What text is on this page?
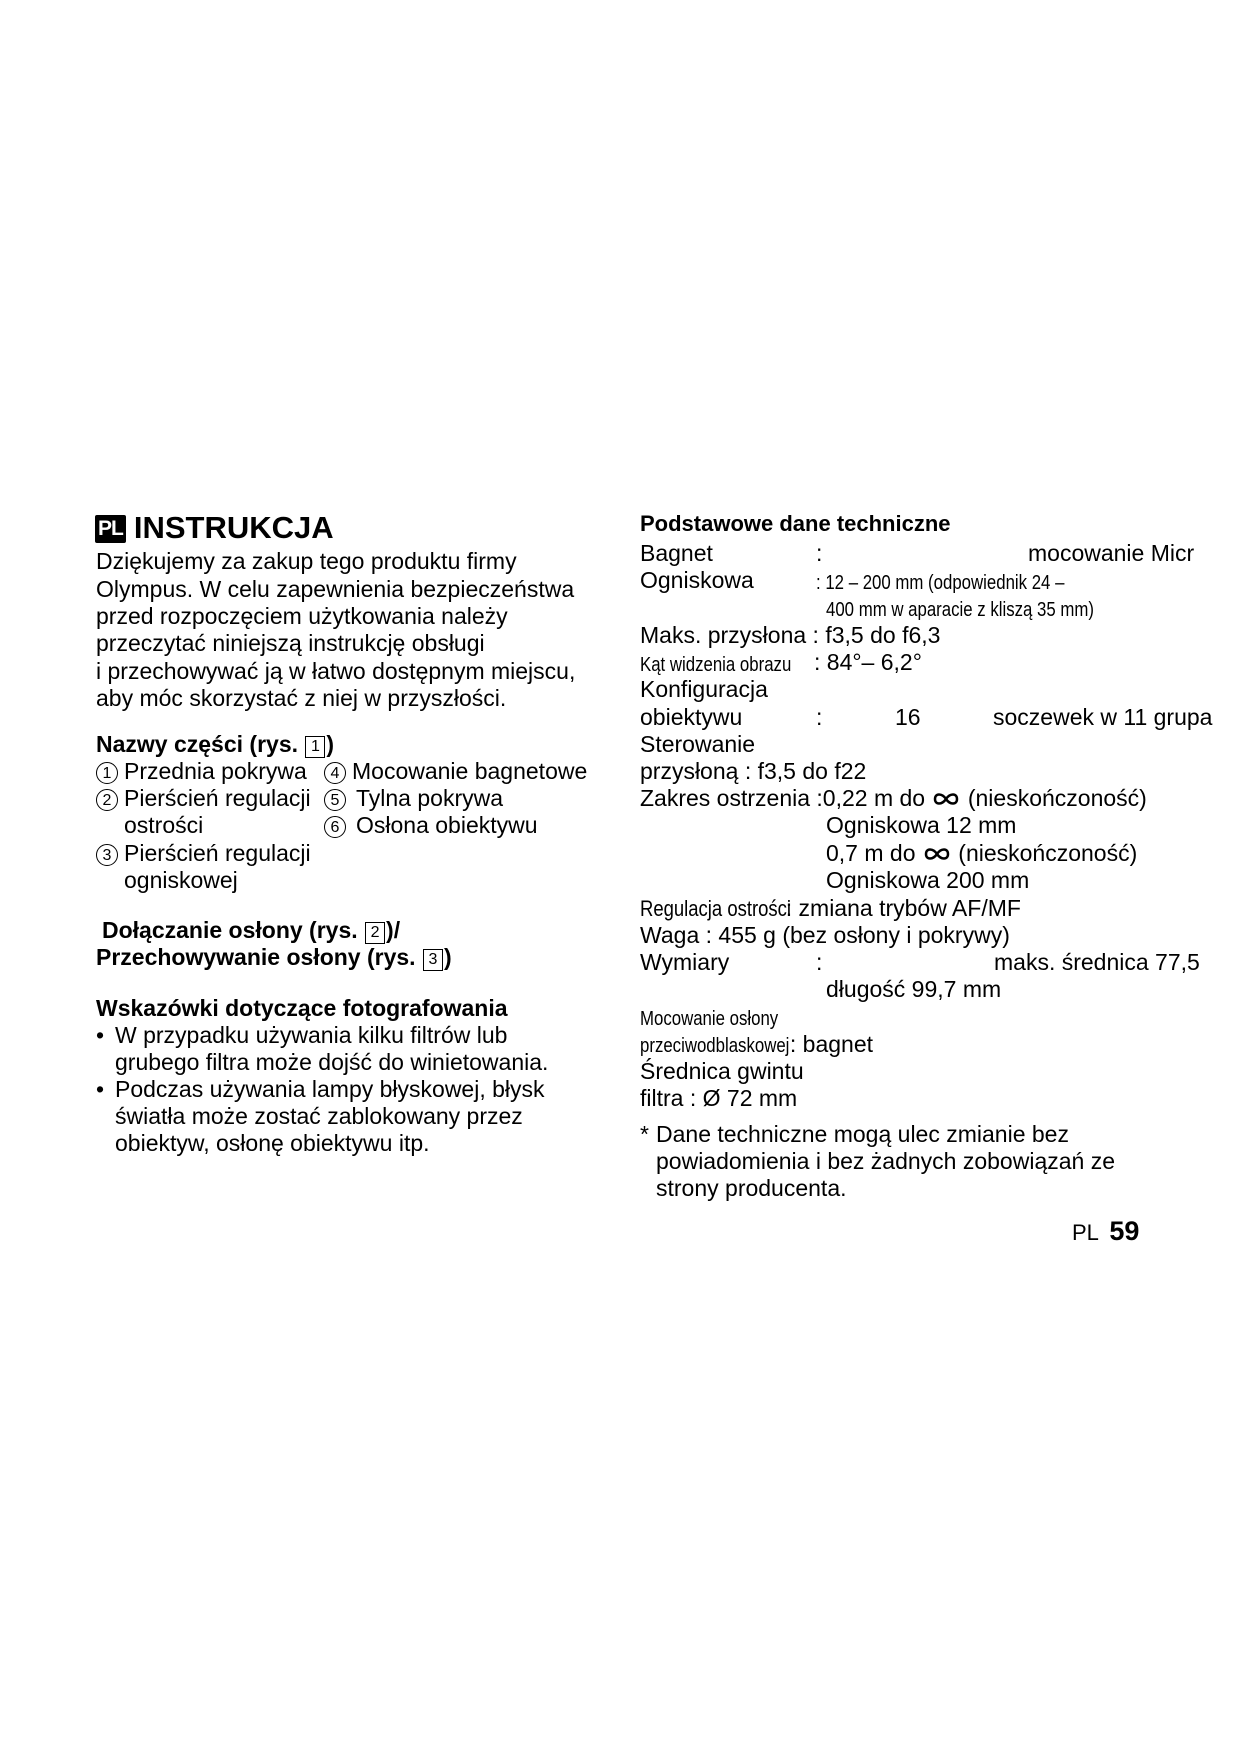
PL INSTRUKCJA
Dziękujemy za zakup tego produktu firmy
Olympus. W celu zapewnienia bezpieczeństwa
przed rozpoczęciem użytkowania należy
przeczytać niniejszą instrukcję obsługi
i przechowywać ją w łatwo dostępnym miejscu,
aby móc skorzystać z niej w przyszłości.
Nazwy części (rys. 1 )
1 Przednia pokrywa
2 Pierścień regulacji
ostrości
3 Pierścień regulacji
ogniskowej
4 Mocowanie bagnetowe
5 Tylna pokrywa
6 Osłona obiektywu
Dołączanie osłony (rys. 2 )/
Przechowywanie osłony (rys. 3 )
Wskazówki dotyczące fotografowania
• W przypadku używania kilku filtrów lub
grubego filtra może dojść do winietowania.
• Podczas używania lampy błyskowej, błysk
światła może zostać zablokowany przez
obiektyw, osłonę obiektywu itp.
Podstawowe dane techniczne
Bagnet	:	mocowanie Micr
Ogniskowa	: 12 – 200 mm (odpowiednik 24 –
400 mm w aparacie z kliszą 35 mm)
Maks. przysłona : f3,5 do f6,3
Kąt widzenia obrazu : 84°– 6,2°
Konfiguracja
obiektywu	:	16	soczewek w 11 grupa
Sterowanie
przysłoną : f3,5 do f22
Zakres ostrzenia :0,22 m do (nieskończoność)
Ogniskowa 12 mm
0,7 m do (nieskończoność)
Ogniskowa 200 mm
Regulacja ostrości: zmiana trybów AF/MF
Waga : 455 g (bez osłony i pokrywy)
Wymiary	:	maks. średnica 77,5
długość 99,7 mm
Mocowanie osłony
przeciwodblaskowej: bagnet
Średnica gwintu
filtra : Ø 72 mm
* Dane techniczne mogą ulec zmianie bez
powiadomienia i bez żadnych zobowiązań ze
strony producenta.
PL 59
